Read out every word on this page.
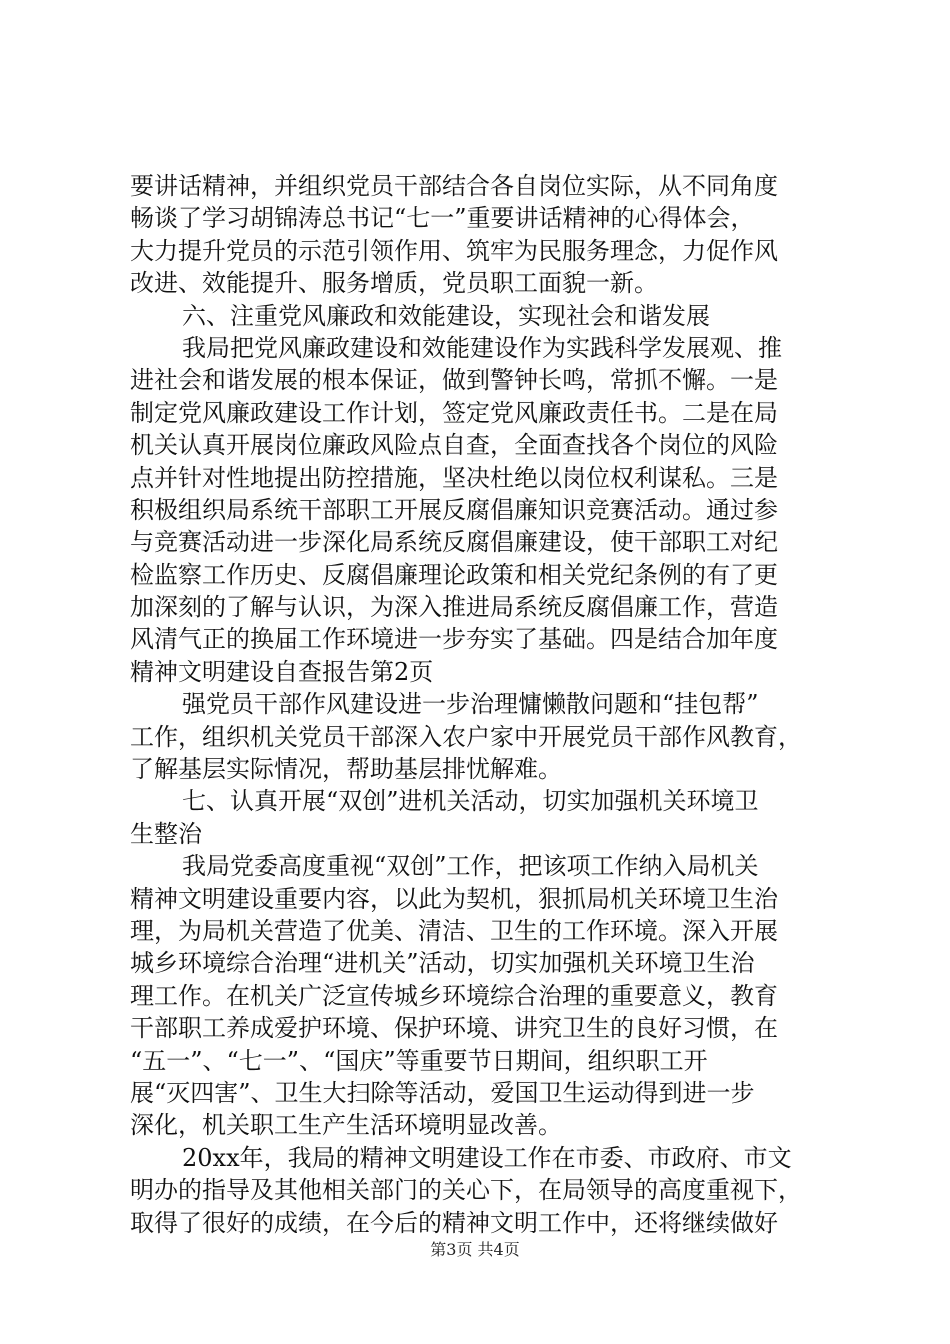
要讲话精神，并组织党员干部结合各自岗位实际，从不同角度
畅谈了学习胡锦涛总书记“七一”重要讲话精神的心得体会，
大力提升党员的示范引领作用、筑牢为民服务理念，力促作风
改进、效能提升、服务增质，党员职工面貌一新。
六、注重党风廉政和效能建设，实现社会和谐发展
我局把党风廉政建设和效能建设作为实践科学发展观、推
进社会和谐发展的根本保证，做到警钟长鸣，常抓不懈。一是
制定党风廉政建设工作计划，签定党风廉政责任书。二是在局
机关认真开展岗位廉政风险点自查，全面查找各个岗位的风险
点并针对性地提出防控措施，坚决杜绝以岗位权利谋私。三是
积极组织局系统干部职工开展反腐倡廉知识竞赛活动。通过参
与竞赛活动进一步深化局系统反腐倡廉建设，使干部职工对纪
检监察工作历史、反腐倡廉理论政策和相关党纪条例的有了更
加深刻的了解与认识，为深入推进局系统反腐倡廉工作，营造
风清气正的换届工作环境进一步夯实了基础。四是结合加年度
精神文明建设自查报告第2页
强党员干部作风建设进一步治理慵懒散问题和“挂包帮”
工作，组织机关党员干部深入农户家中开展党员干部作风教育，
了解基层实际情况，帮助基层排忧解难。
七、认真开展“双创”进机关活动，切实加强机关环境卫
生整治
我局党委高度重视“双创”工作，把该项工作纳入局机关
精神文明建设重要内容，以此为契机，狠抓局机关环境卫生治
理，为局机关营造了优美、清洁、卫生的工作环境。深入开展
城乡环境综合治理“进机关”活动，切实加强机关环境卫生治
理工作。在机关广泛宣传城乡环境综合治理的重要意义，教育
干部职工养成爱护环境、保护环境、讲究卫生的良好习惯，在
“五一”、“七一”、“国庆”等重要节日期间，组织职工开
展“灭四害”、卫生大扫除等活动，爱国卫生运动得到进一步
深化，机关职工生产生活环境明显改善。
20xx年，我局的精神文明建设工作在市委、市政府、市文
明办的指导及其他相关部门的关心下，在局领导的高度重视下，
取得了很好的成绩，在今后的精神文明工作中，还将继续做好
第3页 共4页
